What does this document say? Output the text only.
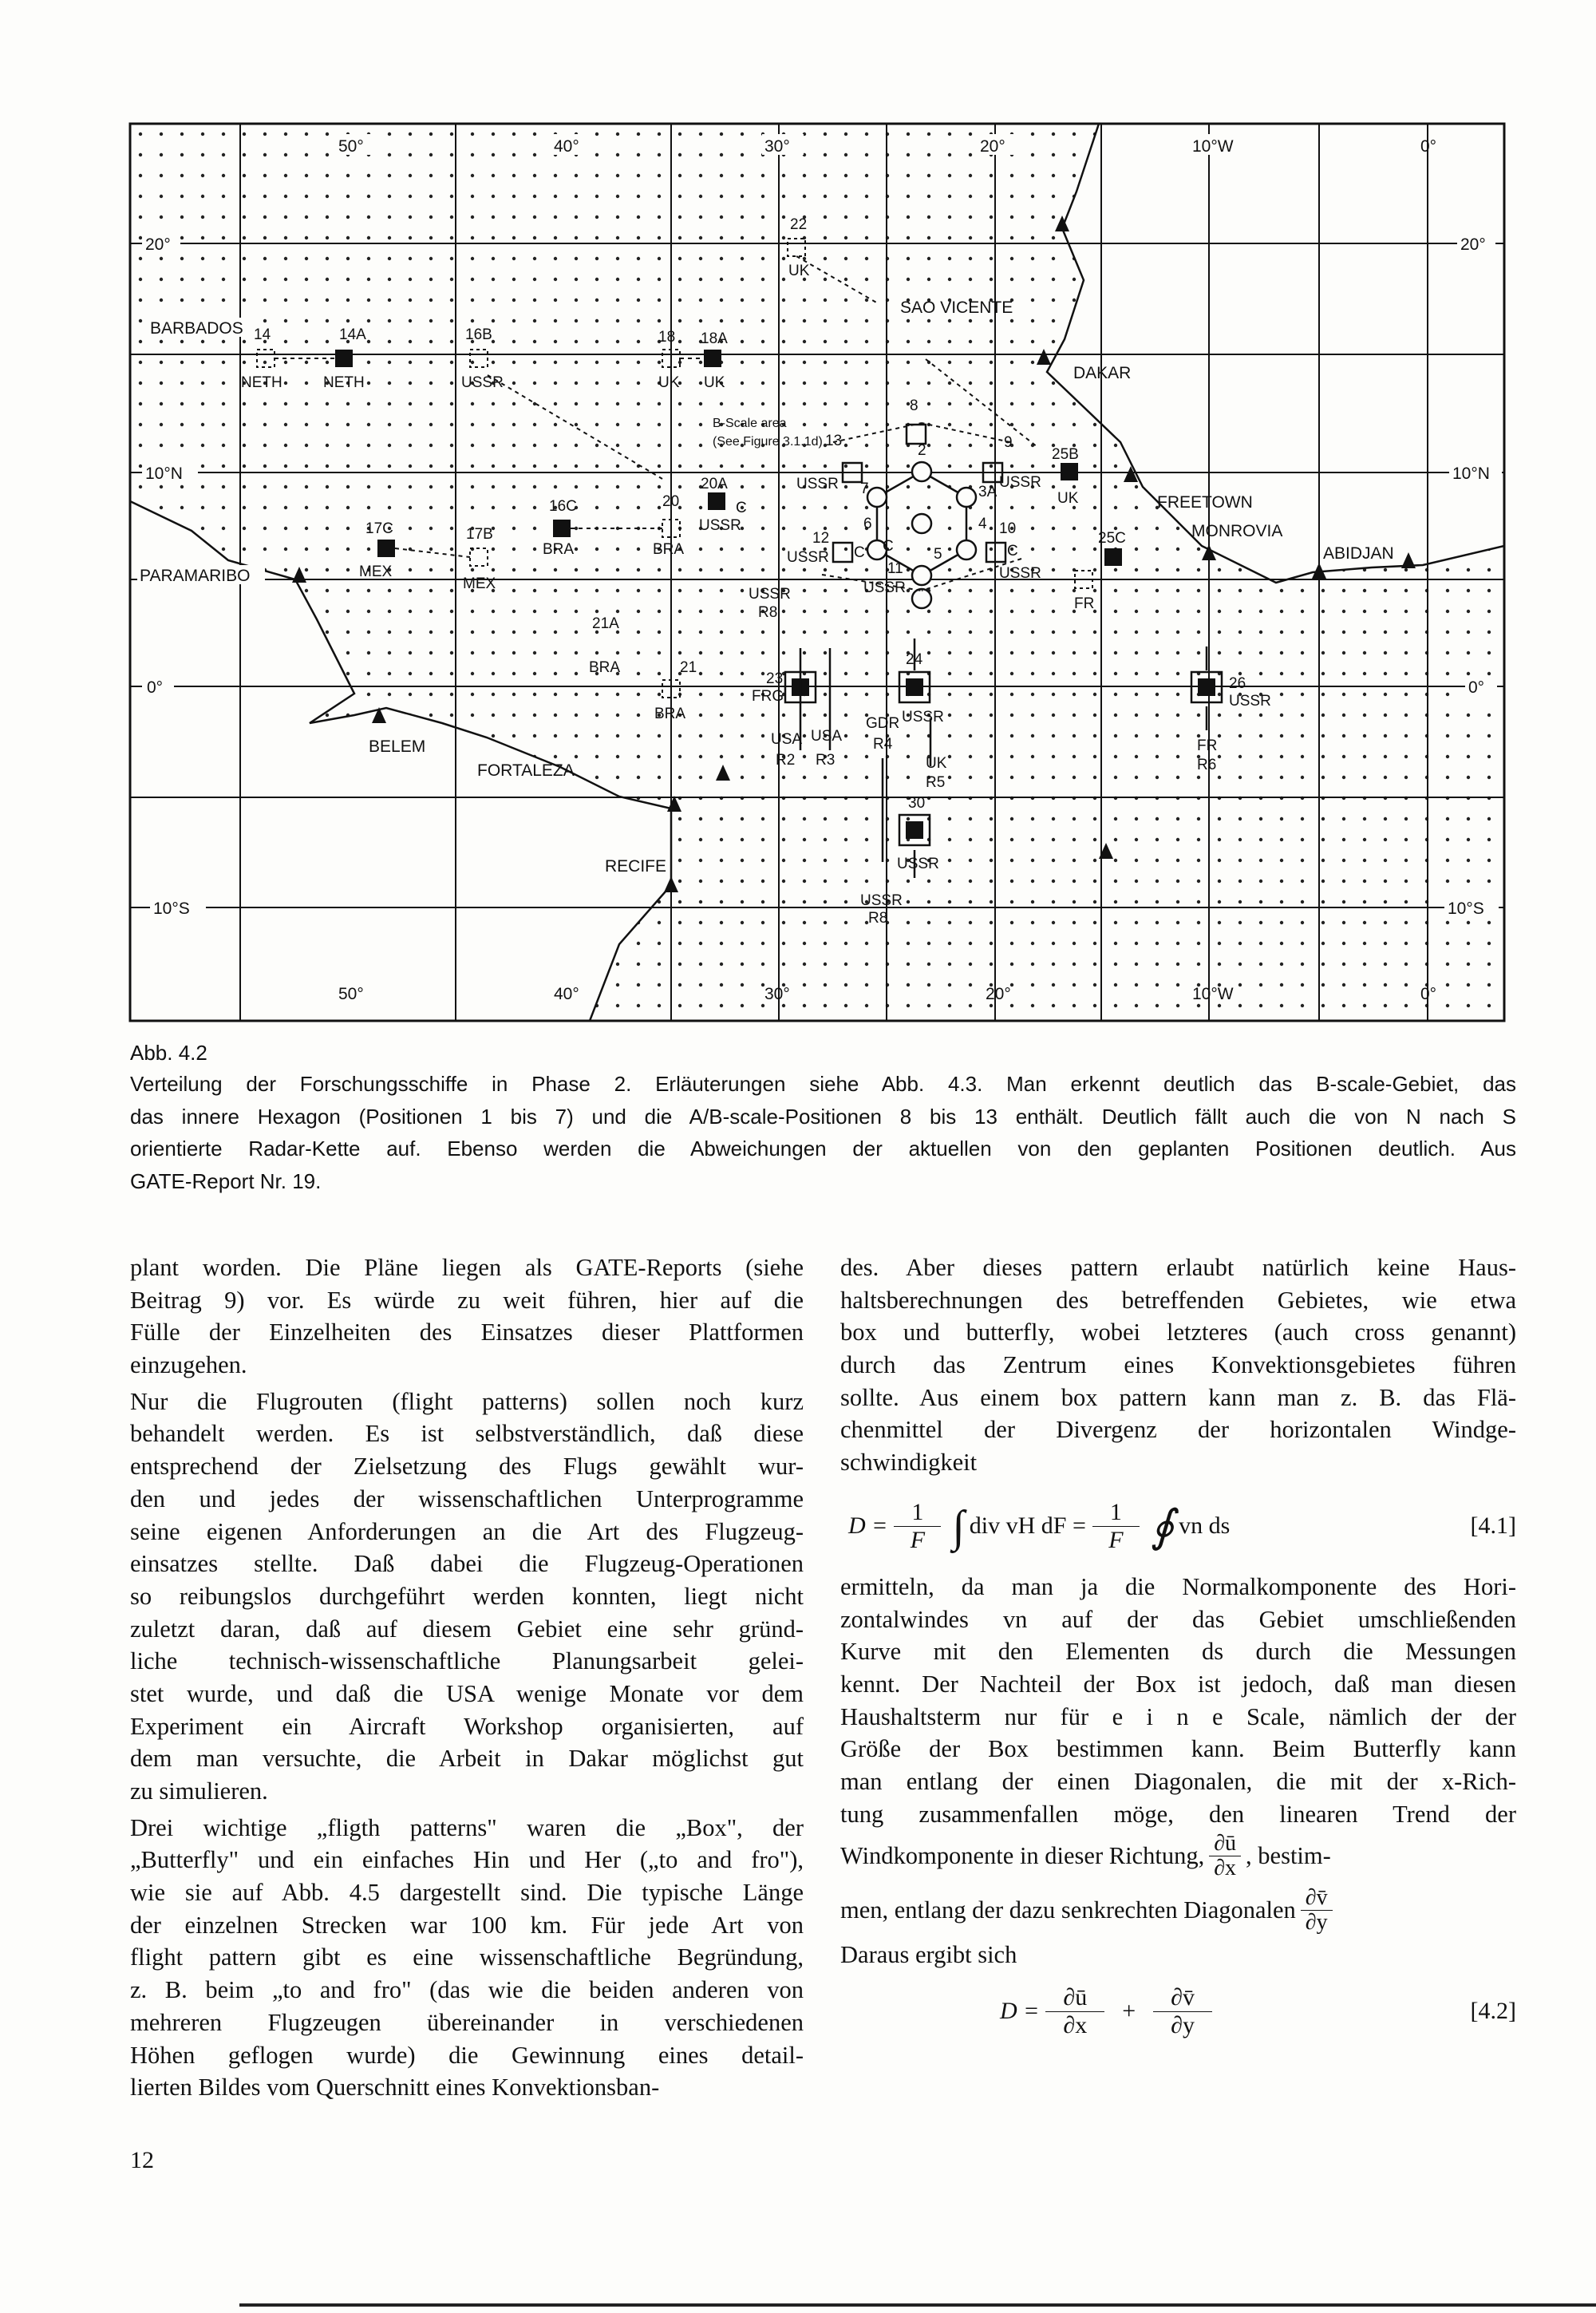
50°	40°	30°	20°	10°W	0°
50°	40°	30°	20°	10°W	0°
20°
10°N
0°
10°S
20°
10°N
0°
10°S
BARBADOS
PARAMARIBO
BELEM
FORTALEZA
RECIFE
SAO VICENTE
DAKAR
FREETOWN
MONROVIA
ABIDJAN
22
UK
14	14A
NETH	NETH
16B
USSR
18 18A
UK UK
B-Scale area
(See Figure 3.1.1d) 13
20A
20
USSR
16C
BRA	BRA
17C
MEX
17B
MEX
USSR
12
USSR
USSR
USSR
R8
11
8
2	9
25B
UK
USSR
3A
10
25C
USSR
FR
21A
BRA	21
BRA
23
FRG
24
GDR USSR
USA USA
R2 R3
R4
UK
R5
30
USSR
USSR
R8
26
USSR
FR
R6
7
6	4
5
C
C C	C
Abb. 4.2
Verteilung der Forschungsschiffe in Phase 2. Erläuterungen siehe Abb. 4.3. Man erkennt deutlich das B-scale-Gebiet, das
das innere Hexagon (Positionen 1 bis 7) und die A/B-scale-Positionen 8 bis 13 enthält. Deutlich fällt auch die von N nach S
orientierte Radar-Kette auf. Ebenso werden die Abweichungen der aktuellen von den geplanten Positionen deutlich. Aus
GATE-Report Nr. 19.
plant worden. Die Pläne liegen als GATE-Reports (siehe
Beitrag 9) vor. Es würde zu weit führen, hier auf die
Fülle der Einzelheiten des Einsatzes dieser Plattformen
einzugehen.
Nur die Flugrouten (flight patterns) sollen noch kurz
behandelt werden. Es ist selbstverständlich, daß diese
entsprechend der Zielsetzung des Flugs gewählt wur-
den und jedes der wissenschaftlichen Unterprogramme
seine eigenen Anforderungen an die Art des Flugzeug-
einsatzes stellte. Daß dabei die Flugzeug-Operationen
so reibungslos durchgeführt werden konnten, liegt nicht
zuletzt daran, daß auf diesem Gebiet eine sehr gründ-
liche technisch-wissenschaftliche Planungsarbeit gelei-
stet wurde, und daß die USA wenige Monate vor dem
Experiment ein Aircraft Workshop organisierten, auf
dem man versuchte, die Arbeit in Dakar möglichst gut
zu simulieren.
Drei wichtige „fligth patterns" waren die „Box", der
„Butterfly" und ein einfaches Hin und Her („to and fro"),
wie sie auf Abb. 4.5 dargestellt sind. Die typische Länge
der einzelnen Strecken war 100 km. Für jede Art von
flight pattern gibt es eine wissenschaftliche Begründung,
z. B. beim „to and fro" (das wie die beiden anderen von
mehreren Flugzeugen übereinander in verschiedenen
Höhen geflogen wurde) die Gewinnung eines detail-
lierten Bildes vom Querschnitt eines Konvektionsban-
des. Aber dieses pattern erlaubt natürlich keine Haus-
haltsberechnungen des betreffenden Gebietes, wie etwa
box und butterfly, wobei letzteres (auch cross genannt)
durch das Zentrum eines Konvektionsgebietes führen
sollte. Aus einem box pattern kann man z. B. das Flä-
chenmittel der Divergenz der horizontalen Windge-
schwindigkeit
$D = \frac{1}{F}$ ∫ div vH dF = $\frac{1}{F}$ ∮ vn ds	[4.1]
ermitteln, da man ja die Normalkomponente des Hori-
zontalwindes vn auf der das Gebiet umschließenden
Kurve mit den Elementen ds durch die Messungen
kennt. Der Nachteil der Box ist jedoch, daß man diesen
Haushaltsterm nur für e i n e Scale, nämlich der der
Größe der Box bestimmen kann. Beim Butterfly kann
man entlang der einen Diagonalen, die mit der x-Rich-
tung zusammenfallen möge, den linearen Trend der
Windkomponente in dieser Richtung, $\frac{\partial ū}{\partial x}$ , bestim-
men, entlang der dazu senkrechten Diagonalen $\frac{\partial v̄}{\partial y}$
Daraus ergibt sich
$D = \frac{\partial ū}{\partial x} + \frac{\partial v̄}{\partial y}$	[4.2]
12
